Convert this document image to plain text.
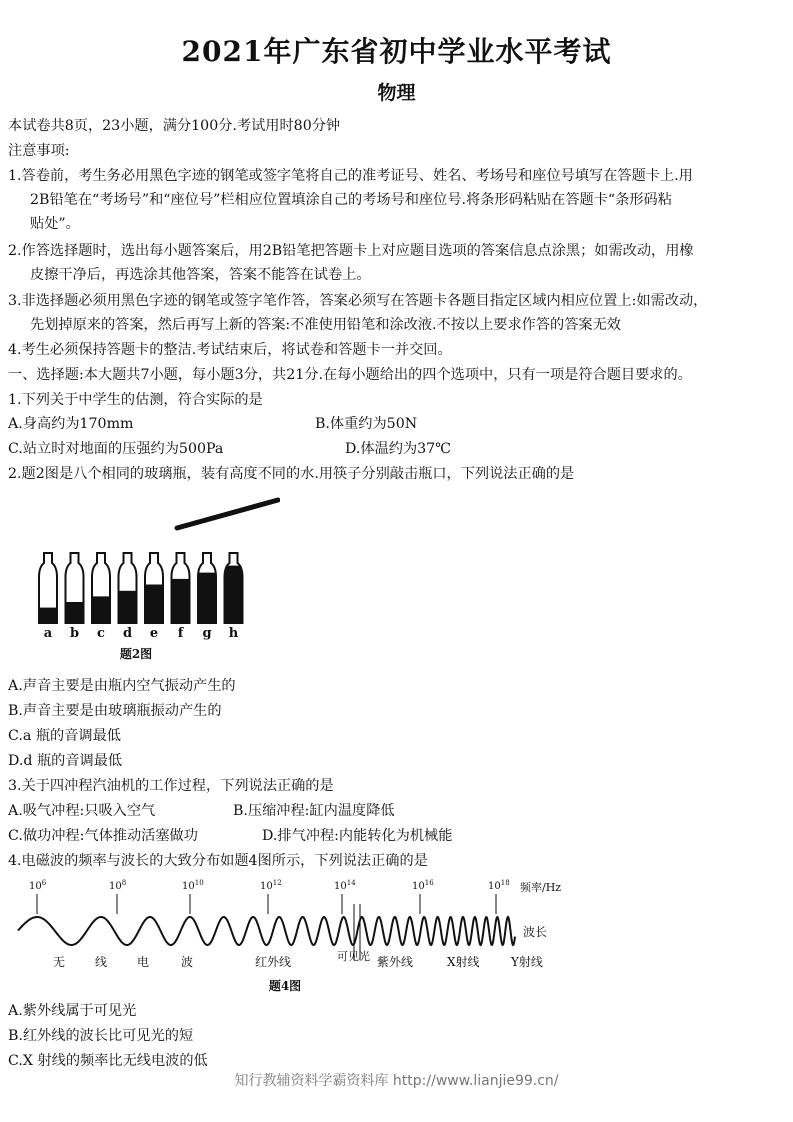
2021年广东省初中学业水平考试
物理
本试卷共8页，23小题，满分100分.考试用时80分钟
注意事项:
1.答卷前，考生务必用黑色字迹的钢笔或签字笔将自己的准考证号、姓名、考场号和座位号填写在答题卡上.用
2B铅笔在“考场号”和“座位号”栏相应位置填涂自己的考场号和座位号.将条形码粘贴在答题卡“条形码粘
贴处”。
2.作答选择题时，选出每小题答案后，用2B铅笔把答题卡上对应题目选项的答案信息点涂黑；如需改动，用橡
皮擦干净后，再选涂其他答案，答案不能答在试卷上。
3.非选择题必须用黑色字迹的钢笔或签字笔作答，答案必须写在答题卡各题目指定区域内相应位置上:如需改动，
先划掉原来的答案，然后再写上新的答案:不准使用铅笔和涂改液.不按以上要求作答的答案无效
4.考生必须保持答题卡的整洁.考试结束后，将试卷和答题卡一并交回。
一、选择题:本大题共7小题，每小题3分，共21分.在每小题给出的四个选项中，只有一项是符合题目要求的。
1.下列关于中学生的估测，符合实际的是
A.身高约为170mm	B.体重约为50N
C.站立时对地面的压强约为500Pa	D.体温约为37℃
2.题2图是八个相同的玻璃瓶，装有高度不同的水.用筷子分别敲击瓶口，下列说法正确的是
a b c d e f g h
题2图
A.声音主要是由瓶内空气振动产生的
B.声音主要是由玻璃瓶振动产生的
C.a 瓶的音调最低
D.d 瓶的音调最低
3.关于四冲程汽油机的工作过程，下列说法正确的是
A.吸气冲程:只吸入空气	B.压缩冲程:缸内温度降低
C.做功冲程:气体推动活塞做功	D.排气冲程:内能转化为机械能
4.电磁波的频率与波长的大致分布如题4图所示，下列说法正确的是
$10^6$	$10^8$	$10^{10}$	$10^{12}$	$10^{14}$	$10^{16}$	$10^{18}$ 频率/Hz
波长
无 线 电	波	红外线	可见光 紫外线	X射线	Y射线
题4图
A.紫外线属于可见光
B.红外线的波长比可见光的短
C.X 射线的频率比无线电波的低
知行教辅资料学霸资料库 http://www.lianjie99.cn/
